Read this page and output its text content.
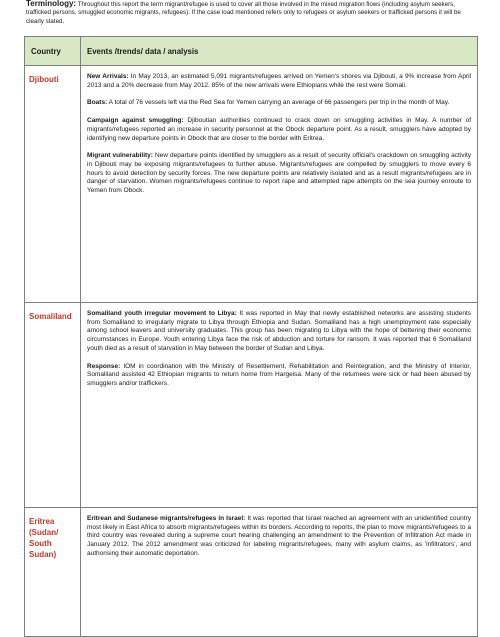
Terminology: Throughout this report the term migrant/refugee is used to cover all those involved in the mixed migration flows (including asylum seekers, trafficked persons, smuggled economic migrants, refugees). If the case load mentioned refers only to refugees or asylum seekers or trafficked persons it will be clearly stated.
Country	Events /trends/ data / analysis
Djibouti	New Arrivals: In May 2013, an estimated 5,091 migrants/refugees arrived on Yemen's shores via Djibouti, a 9% increase from April 2013 and a 20% decrease from May 2012. 85% of the new arrivals were Ethiopians while the rest were Somali.

Boats: A total of 76 vessels left via the Red Sea for Yemen carrying an average of 66 passengers per trip in the month of May.

Campaign against smuggling: Djiboutian authorities continued to crack down on smuggling activities in May. A number of migrants/refugees reported an increase in security personnel at the Obock departure point. As a result, smugglers have adopted by identifying new departure points in Obock that are closer to the border with Eritrea.

Migrant vulnerability: New departure points identified by smugglers as a result of security official's crackdown on smuggling activity in Djibouti may be exposing migrants/refugees to further abuse. Migrants/refugees are compelled by smugglers to move every 6 hours to avoid detection by security forces. The new departure points are relatively isolated and as a result migrants/refugees are in danger of starvation. Women migrants/refugees continue to report rape and attempted rape attempts on the sea journey enroute to Yemen from Obock.

Somaliland	Somaliland youth irregular movement to Libya: It was reported in May that newly established networks are assisting students from Somaliland to irregularly migrate to Libya through Ethiopia and Sudan. Somaliland has a high unemployment rate especially among school leavers and university graduates. This group has been migrating to Libya with the hope of bettering their economic circumstances in Europe. Youth entering Libya face the risk of abduction and torture for ransom. It was reported that 6 Somaliland youth died as a result of starvation in May between the border of Sudan and Libya.

Response: IOM in coordination with the Ministry of Resettlement, Rehabilitation and Reintegration, and the Ministry of Interior, Somaliland assisted 42 Ethiopian migrants to return home from Hargeisa. Many of the returnees were sick or had been abused by smugglers and/or traffickers.

Eritrea (Sudan/ South Sudan)	Eritrean and Sudanese migrants/refugees in Israel: It was reported that Israel reached an agreement with an unidentified country most likely in East Africa to absorb migrants/refugees within its borders. According to reports, the plan to move migrants/refugees to a third country was revealed during a supreme court hearing challenging an amendment to the Prevention of Infiltration Act made in January 2012. The 2012 amendment was criticized for labeling migrants/refugees, many with asylum claims, as 'infiltrators', and authorising their automatic deportation.
